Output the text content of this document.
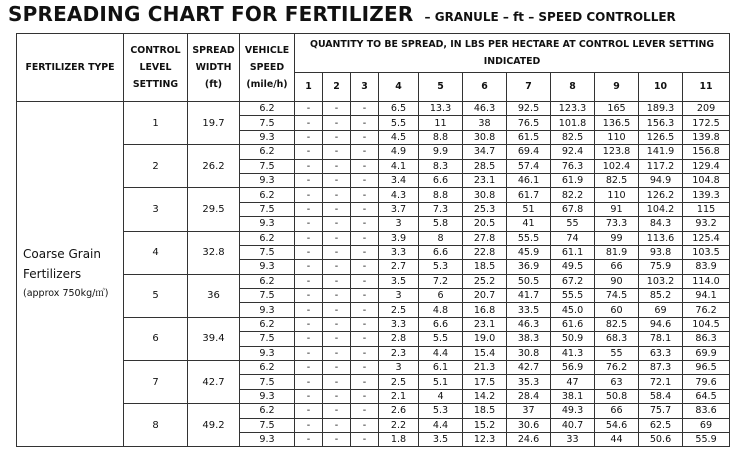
SPREADING CHART FOR FERTILIZER – GRANULE – ft – SPEED CONTROLLER
FERTILIZER TYPE	CONTROL LEVEL SETTING	SPREAD WIDTH (ft)	VEHICLE SPEED (mile/h)	QUANTITY TO BE SPREAD, IN LBS PER HECTARE AT CONTROL LEVER SETTING INDICATED										
				1	2	3	4	5	6	7	8	9	10	11

Coarse Grain
Fertilizers
(approx 750kg/㎥)	1	19.7	6.2	-	-	-	6.5	13.3	46.3	92.5	123.3	165	189.3	209
			7.5	-	-	-	5.5	11	38	76.5	101.8	136.5	156.3	172.5
			9.3	-	-	-	4.5	8.8	30.8	61.5	82.5	110	126.5	139.8
	2	26.2	6.2	-	-	-	4.9	9.9	34.7	69.4	92.4	123.8	141.9	156.8
			7.5	-	-	-	4.1	8.3	28.5	57.4	76.3	102.4	117.2	129.4
			9.3	-	-	-	3.4	6.6	23.1	46.1	61.9	82.5	94.9	104.8
	3	29.5	6.2	-	-	-	4.3	8.8	30.8	61.7	82.2	110	126.2	139.3
			7.5	-	-	-	3.7	7.3	25.3	51	67.8	91	104.2	115
			9.3	-	-	-	3	5.8	20.5	41	55	73.3	84.3	93.2
	4	32.8	6.2	-	-	-	3.9	8	27.8	55.5	74	99	113.6	125.4
			7.5	-	-	-	3.3	6.6	22.8	45.9	61.1	81.9	93.8	103.5
			9.3	-	-	-	2.7	5.3	18.5	36.9	49.5	66	75.9	83.9
	5	36	6.2	-	-	-	3.5	7.2	25.2	50.5	67.2	90	103.2	114.0
			7.5	-	-	-	3	6	20.7	41.7	55.5	74.5	85.2	94.1
			9.3	-	-	-	2.5	4.8	16.8	33.5	45.0	60	69	76.2
	6	39.4	6.2	-	-	-	3.3	6.6	23.1	46.3	61.6	82.5	94.6	104.5
			7.5	-	-	-	2.8	5.5	19.0	38.3	50.9	68.3	78.1	86.3
			9.3	-	-	-	2.3	4.4	15.4	30.8	41.3	55	63.3	69.9
	7	42.7	6.2	-	-	-	3	6.1	21.3	42.7	56.9	76.2	87.3	96.5
			7.5	-	-	-	2.5	5.1	17.5	35.3	47	63	72.1	79.6
			9.3	-	-	-	2.1	4	14.2	28.4	38.1	50.8	58.4	64.5
	8	49.2	6.2	-	-	-	2.6	5.3	18.5	37	49.3	66	75.7	83.6
			7.5	-	-	-	2.2	4.4	15.2	30.6	40.7	54.6	62.5	69
			9.3	-	-	-	1.8	3.5	12.3	24.6	33	44	50.6	55.9
